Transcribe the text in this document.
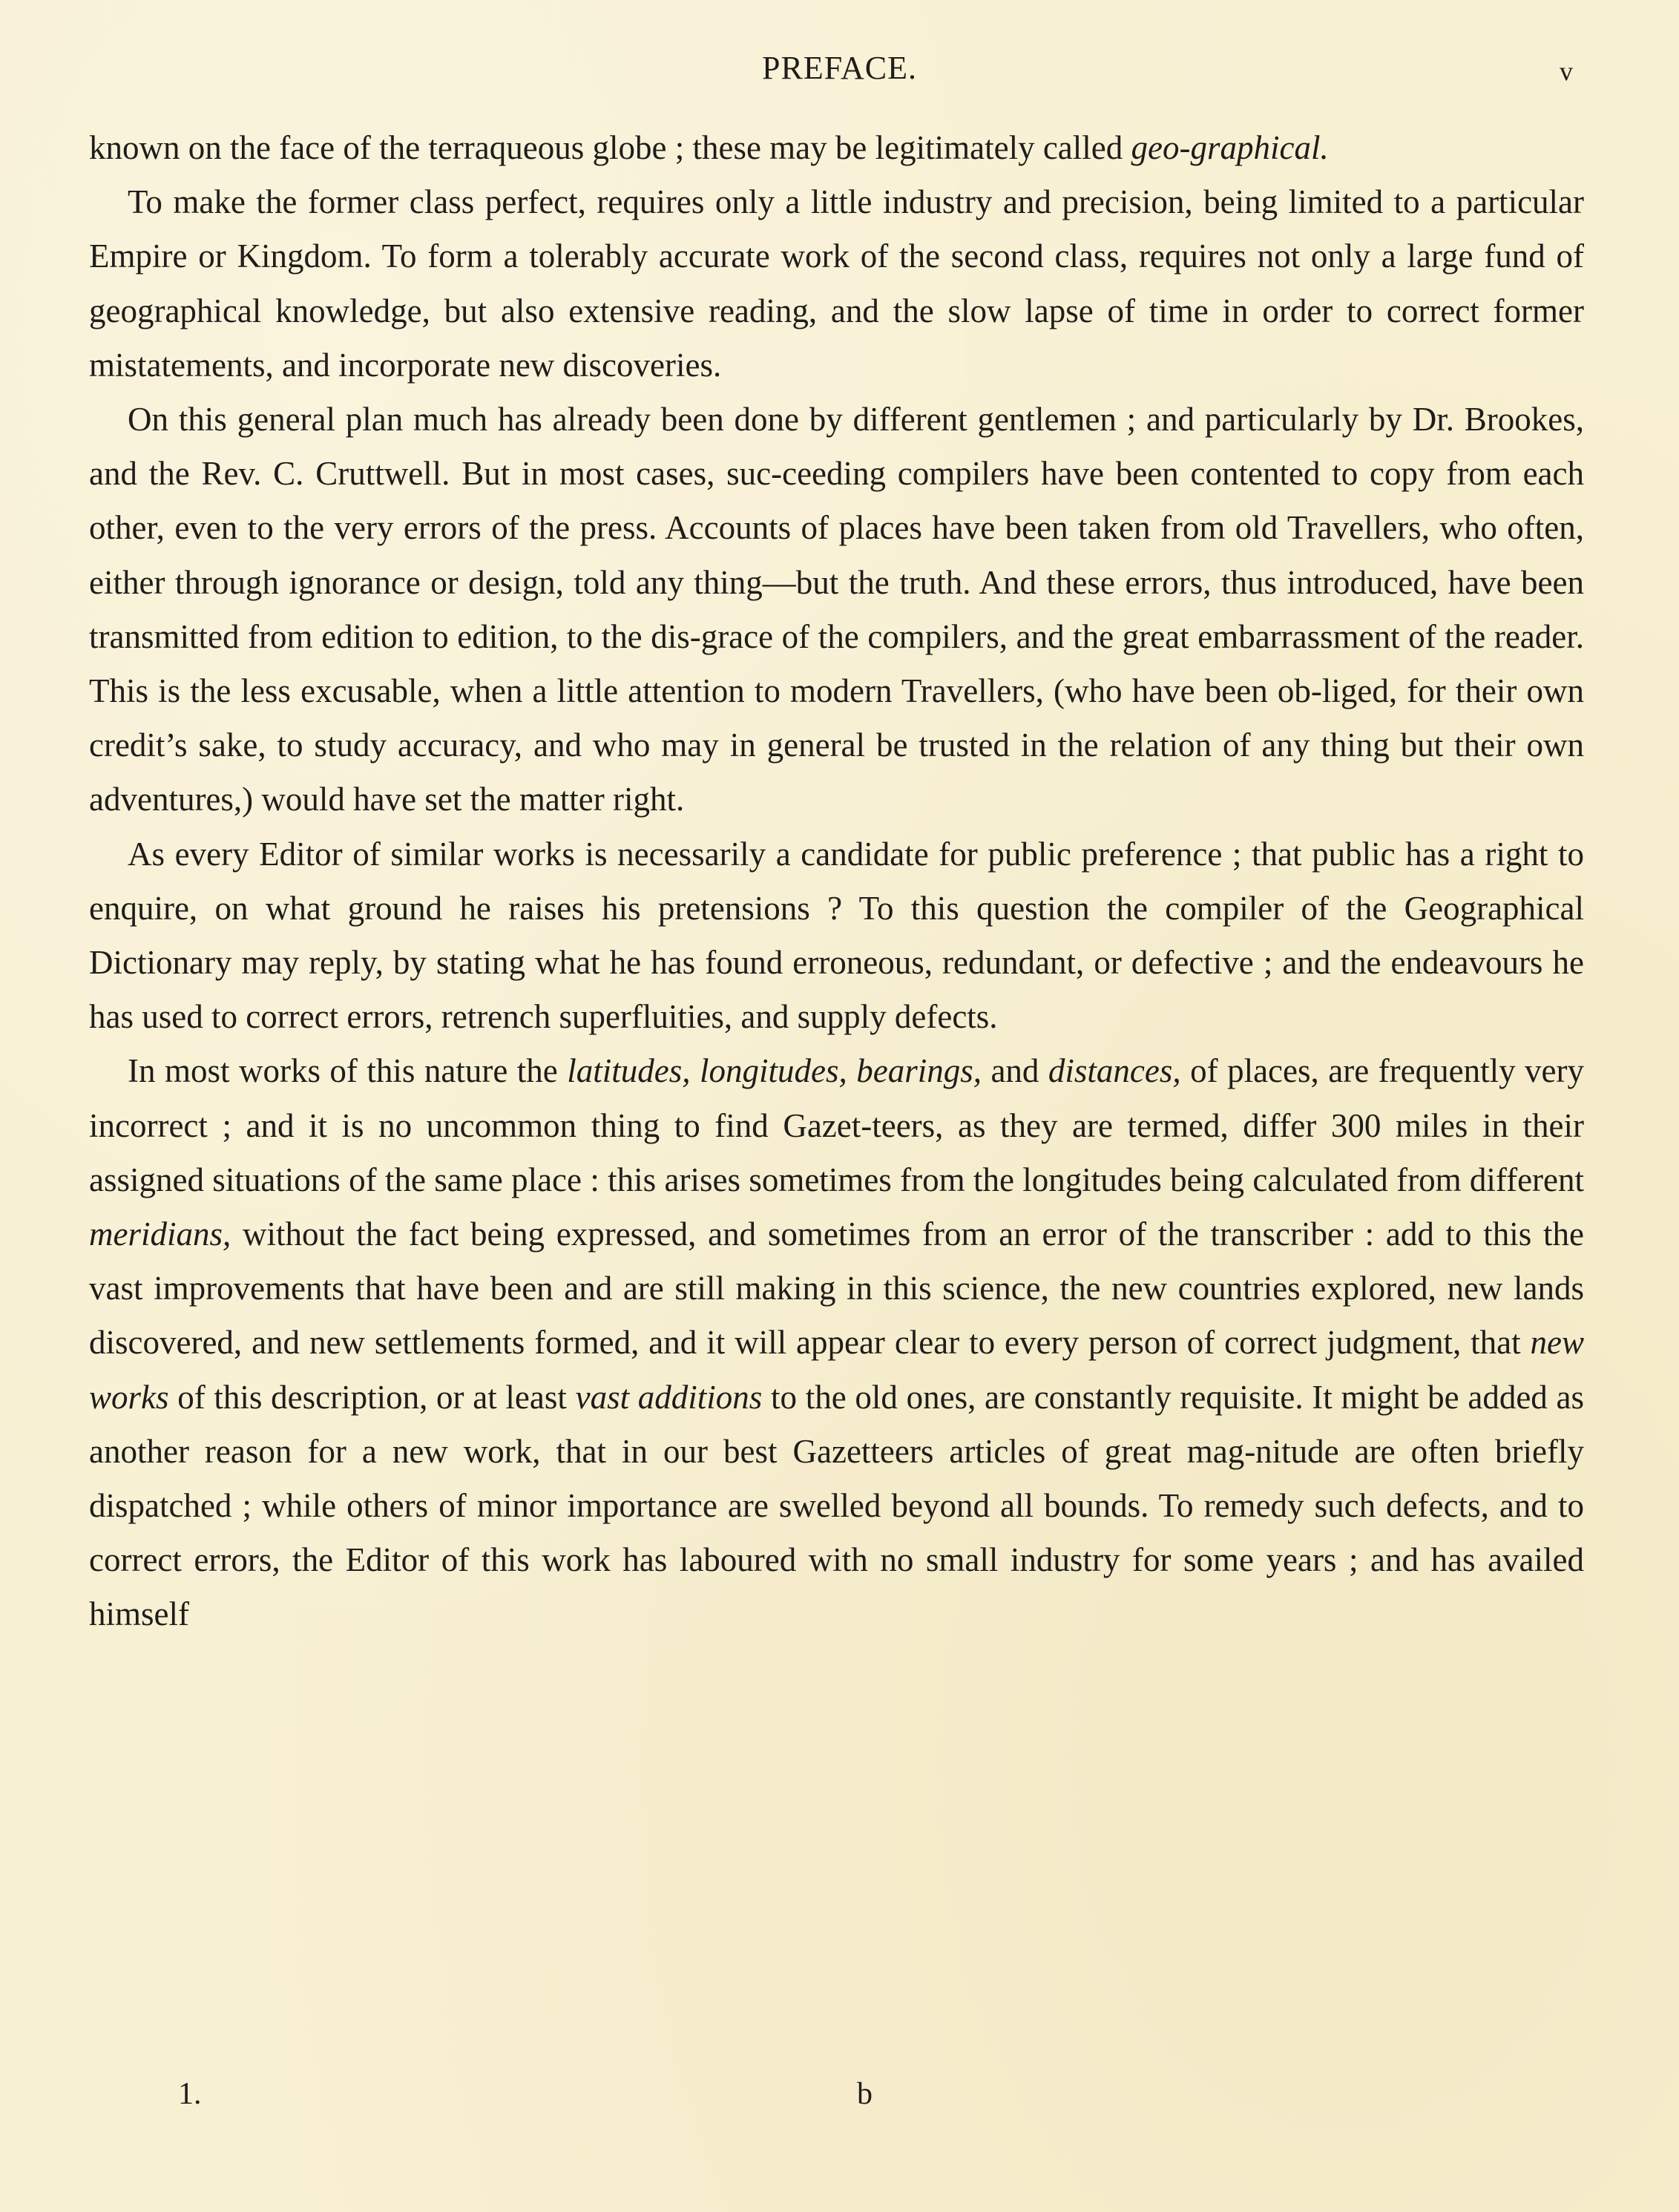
PREFACE.	v

known on the face of the terraqueous globe ; these may be legitimately called geo-graphical.

To make the former class perfect, requires only a little industry and precision, being limited to a particular Empire or Kingdom. To form a tolerably accurate work of the second class, requires not only a large fund of geographical knowledge, but also extensive reading, and the slow lapse of time in order to correct former mistatements, and incorporate new discoveries.

On this general plan much has already been done by different gentlemen ; and particularly by Dr. Brookes, and the Rev. C. Cruttwell. But in most cases, suc-ceeding compilers have been contented to copy from each other, even to the very errors of the press. Accounts of places have been taken from old Travellers, who often, either through ignorance or design, told any thing—but the truth. And these errors, thus introduced, have been transmitted from edition to edition, to the dis-grace of the compilers, and the great embarrassment of the reader. This is the less excusable, when a little attention to modern Travellers, (who have been ob-liged, for their own credit’s sake, to study accuracy, and who may in general be trusted in the relation of any thing but their own adventures,) would have set the matter right.

As every Editor of similar works is necessarily a candidate for public preference ; that public has a right to enquire, on what ground he raises his pretensions ? To this question the compiler of the Geographical Dictionary may reply, by stating what he has found erroneous, redundant, or defective ; and the endeavours he has used to correct errors, retrench superfluities, and supply defects.

In most works of this nature the latitudes, longitudes, bearings, and distances, of places, are frequently very incorrect ; and it is no uncommon thing to find Gazet-teers, as they are termed, differ 300 miles in their assigned situations of the same place : this arises sometimes from the longitudes being calculated from different meridians, without the fact being expressed, and sometimes from an error of the transcriber : add to this the vast improvements that have been and are still making in this science, the new countries explored, new lands discovered, and new settlements formed, and it will appear clear to every person of correct judgment, that new works of this description, or at least vast additions to the old ones, are constantly requisite. It might be added as another reason for a new work, that in our best Gazetteers articles of great mag-nitude are often briefly dispatched ; while others of minor importance are swelled beyond all bounds. To remedy such defects, and to correct errors, the Editor of this work has laboured with no small industry for some years ; and has availed himself

1.	b
